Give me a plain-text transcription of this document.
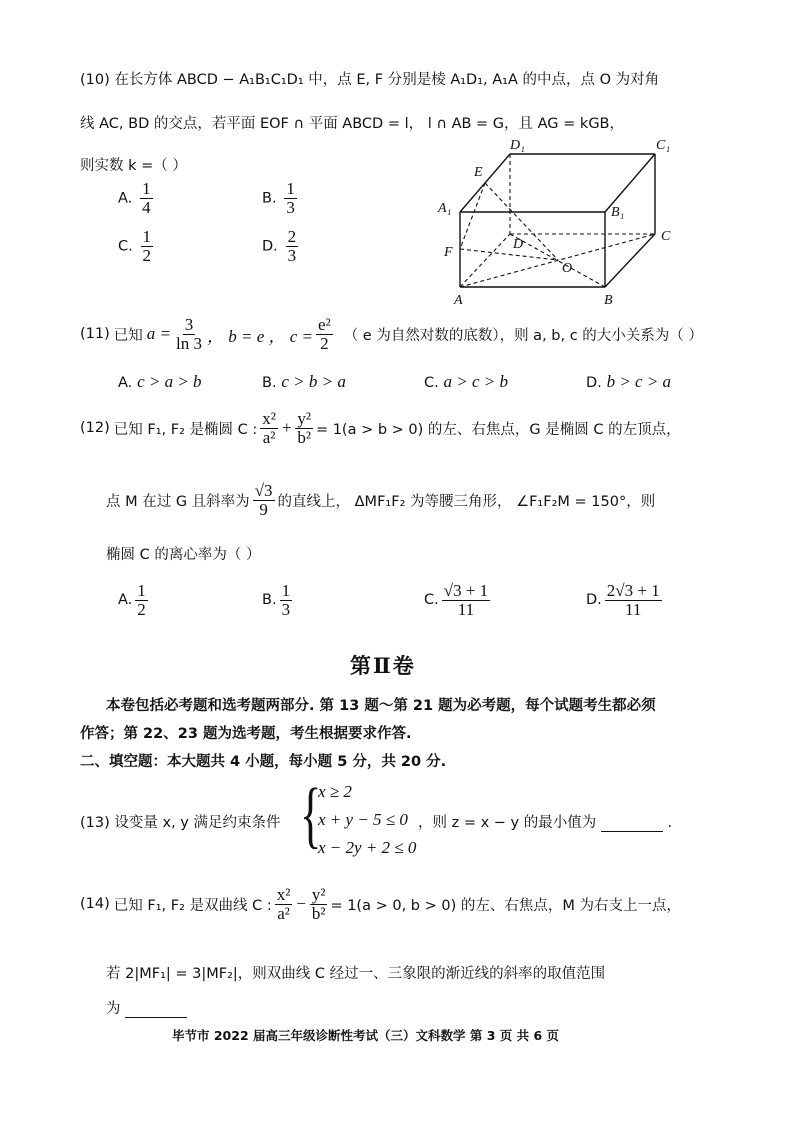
(10) 在长方体 ABCD − A₁B₁C₁D₁ 中，点 E, F 分别是棱 A₁D₁, A₁A 的中点，点 O 为对角
线 AC, BD 的交点，若平面 EOF ∩ 平面 ABCD = l， l ∩ AB = G，且 AG = kGB，
则实数 k =（ ）
A. $\frac{1}{4}$	B. $\frac{1}{3}$
C. $\frac{1}{2}$	D. $\frac{2}{3}$
D₁	C₁
E
A₁	B₁
F
D
C
O
A	B
(11) 已知 $a = \frac{3}{\ln 3}$ ， b = e ， $c = \frac{\text{e²}}{2}$ （ e 为自然对数的底数），则 a, b, c 的大小关系为（ ）
A. c > a > b	B. c > b > a	C. a > c > b	D. b > c > a
(12) 已知 F₁, F₂ 是椭圆 C : $\frac{\text{x²}}{\text{a²}} + \frac{\text{y²}}{\text{b²}} = 1(a > b > 0)$ 的左、右焦点，G 是椭圆 C 的左顶点，
点 M 在过 G 且斜率为 $\frac{√3}{9}$ 的直线上， ΔMF₁F₂ 为等腰三角形， ∠F₁F₂M = 150°，则
椭圆 C 的离心率为（ ）
A. $\frac{1}{2}$	B. $\frac{1}{3}$	C. $\frac{√3 + 1}{11}$	D. $\frac{2√3 + 1}{11}$
第Ⅱ卷
本卷包括必考题和选考题两部分. 第 13 题～第 21 题为必考题，每个试题考生都必须
作答；第 22、23 题为选考题，考生根据要求作答.
二、填空题：本大题共 4 小题，每小题 5 分，共 20 分.
(13) 设变量 x, y 满足约束条件 {
x ≥ 2
x + y − 5 ≤ 0
x − 2y + 2 ≤ 0
，则 z = x − y 的最小值为	.
(14) 已知 F₁, F₂ 是双曲线 C : $\frac{\text{x²}}{\text{a²}} - \frac{\text{y²}}{\text{b²}} = 1(a > 0$, b > 0) 的左、右焦点，M 为右支上一点，
若 2|MF₁| = 3|MF₂|，则双曲线 C 经过一、三象限的渐近线的斜率的取值范围
为
毕节市 2022 届高三年级诊断性考试（三）文科数学 第 3 页 共 6 页
